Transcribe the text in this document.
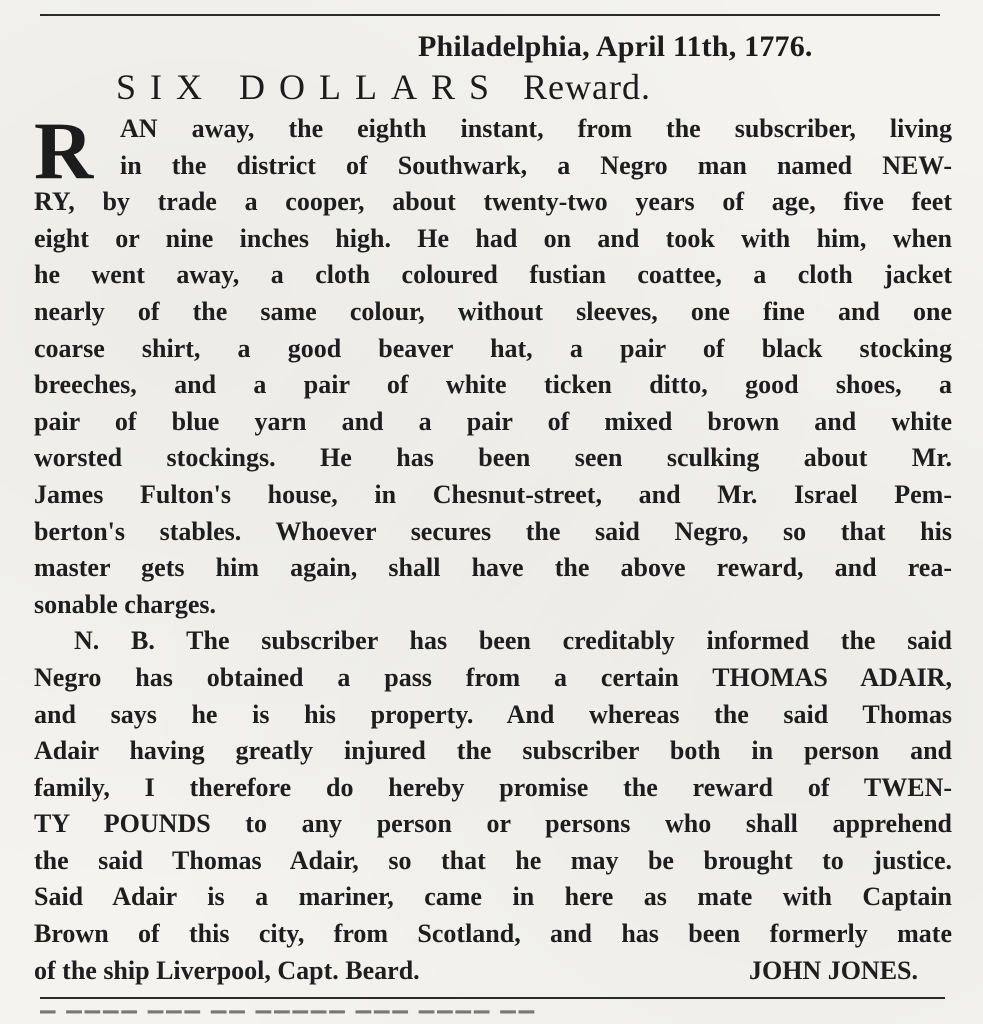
Philadelphia, April 11th, 1776.
SIX DOLLARS Reward.
R	AN away, the eighth instant, from the subscriber, living
in the district of Southwark, a Negro man named NEW-
RY, by trade a cooper, about twenty-two years of age, five feet
eight or nine inches high. He had on and took with him, when
he went away, a cloth coloured fustian coattee, a cloth jacket
nearly of the same colour, without sleeves, one fine and one
coarse shirt, a good beaver hat, a pair of black stocking
breeches, and a pair of white ticken ditto, good shoes, a
pair of blue yarn and a pair of mixed brown and white
worsted stockings. He has been seen sculking about Mr.
James Fulton's house, in Chesnut-street, and Mr. Israel Pem-
berton's stables. Whoever secures the said Negro, so that his
master gets him again, shall have the above reward, and rea-
sonable charges.
N. B. The subscriber has been creditably informed the said
Negro has obtained a pass from a certain THOMAS ADAIR,
and says he is his property. And whereas the said Thomas
Adair having greatly injured the subscriber both in person and
family, I therefore do hereby promise the reward of TWEN-
TY POUNDS to any person or persons who shall apprehend
the said Thomas Adair, so that he may be brought to justice.
Said Adair is a mariner, came in here as mate with Captain
Brown of this city, from Scotland, and has been formerly mate
of the ship Liverpool, Capt. Beard.	JOHN JONES.
▔ ▔▔▔▔ ▔▔▔ ▔▔ ▔▔▔▔▔ ▔▔▔ ▔▔▔▔ ▔▔
